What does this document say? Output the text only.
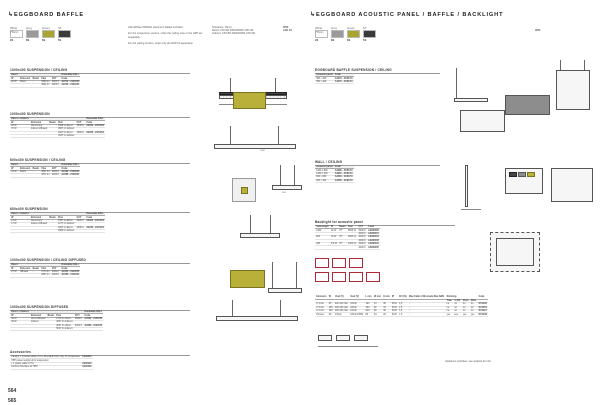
↳EGGBOARD BAFFLE
White (*RAL)
21
Grey
81
Green
61
ST
51
230-240Vac 50/60Hz electronic ballast included.

For the suspension version, order the ceiling rose or the HPP set separately.

For the ceiling version, order only the HPP kit separately.
Tolerance: ±5mm
Direct: CRI>80 3000/4000K CRI>90
Indirect: CRI>80 3000/4000K CRI>90
IP20
LED 10
1000x400 SUSPENSION / CEILING
Direct					Dimmable DALI
W	Emission	Beam	Flux	CCT	Code
22 W	Direct	-	3500 lm	3000 K	A2212 - 21/61/51
			3621 lm	4000 K	A2216 - 21/61/51
1000x400 SUSPENSION
Direct + Indirect					Dimmable DALI
W	Emission	Beam	Flux	CCT	Code
22 W	direct lines	-	1900 lm direct	3000 K	A2222 - 21/61/51
37 W	indirect diffused		4507 lm indirect		
			1927 lm direct	4000 K	A2226 - 21/61/51
			4547 lm indirect		
1000
600x400 SUSPENSION / CEILING
Direct					Dimmable DALI
W	Emission	Beam	Flux	CCT	Code
13 W	Direct	-	1807 lm	3000 K	A2232 - 21/61/51
			1874 lm	4000 K	A2236 - 21/61/51
600
600x400 SUSPENSION
Direct + Indirect					Dimmable DALI
W	Emission	Beam	Flux	CCT	Code
13 W	direct lines	-	1057 lm direct	3000 K	A2242 - 21/61/51
17 W	indirect diffused		1277 lm indirect		
			1097 lm direct	4000 K	A2246 - 21/61/51
			2600 lm indirect		
1000x400 SUSPENSION / CEILING DIFFUSED
Direct					Dimmable DALI
W	Emission	Beam	Flux	CCT	Code
27 W	diffused	-	2770 lm	3000 K	A2252 - 21/61/51
			2837 lm	4000 K	A2256 - 21/61/51
1000x400 SUSPENSION DIFFUSED
Direct + Indirect					Dimmable DALI
W	Emission	Beam	Flux	CCT	Code
36 W	direct diffused	-	2770 lm direct	3000 K	A2262 - 21/61/51
36 W	indirect		4827 lm indirect		
			2837 lm direct	4000 K	A2266 - 21/61/51
			5047 lm indirect		
Accessories
Canopy + 1 power cable L=7m, dimmable DALI only for suspension	A292000
HPP power supply kit for suspension	
+ 1 power cable L=7m	A292100
Kit DALI interface for HPP	A292101
564
↳EGGBOARD ACOUSTIC PANEL / BAFFLE / BACKLIGHT
White (*RAL)
21
Grey
81
Green
61
ST
51
IP20
EGGBOARD BAFFLE SUSPENSION / CEILING
Acoustic panel	Code
960 x 400	A2270 - 21/61/51
580 x 400	A2276 - 21/61/51
WALL / CEILING
Acoustic panel	Code
1200 x 800	A2280 - 21/61/51
1200 x 400	A2281 - 21/61/51
800 x 800	A2284 - 21/61/51
800 x 400	A2285 - 21/61/51
Backlight for acoustic panel
Side length	W	Beam	Flux	CCT	Code
1200	22 W	87°	3503 lm	3000 K	A2290000
				4000 K	A2290001
800	16 W	87°	1820 lm	3000 K	A2290002
				4000 K	A2290003
400	8,2 W	87°	1002 lm	3000 K	A2290004
				4000 K	A2290005
Emission	W	Vout (V)	Vout (V)	L mm	W mm	H mm	IP	Fill (%)	Max Cabin / Min loads Max AWG	Dimming				Code
										Triac	1-10V	Push	DALI	
C.V./As	60	220-240 Vac	24Vdc	193	43	30	IP20	1,5	-	no	no	no	no	DV1030
C.V./As	100	220-240 Vac	24Vdc	193	52	33	IP20	1,5	-	no	no	no	no	DV1050
C.V./As	150	220-240 Vac	24Vdc	209	60	36	IP20	1,5	-	no	no	no	no	DV1021
Dimmer	60	24Vdc	24Vdc-PWM	80	54	26	IP20	1,5	-	yes	yes	yes	yes	DV1048
Appliance interface: see website for info.
565
